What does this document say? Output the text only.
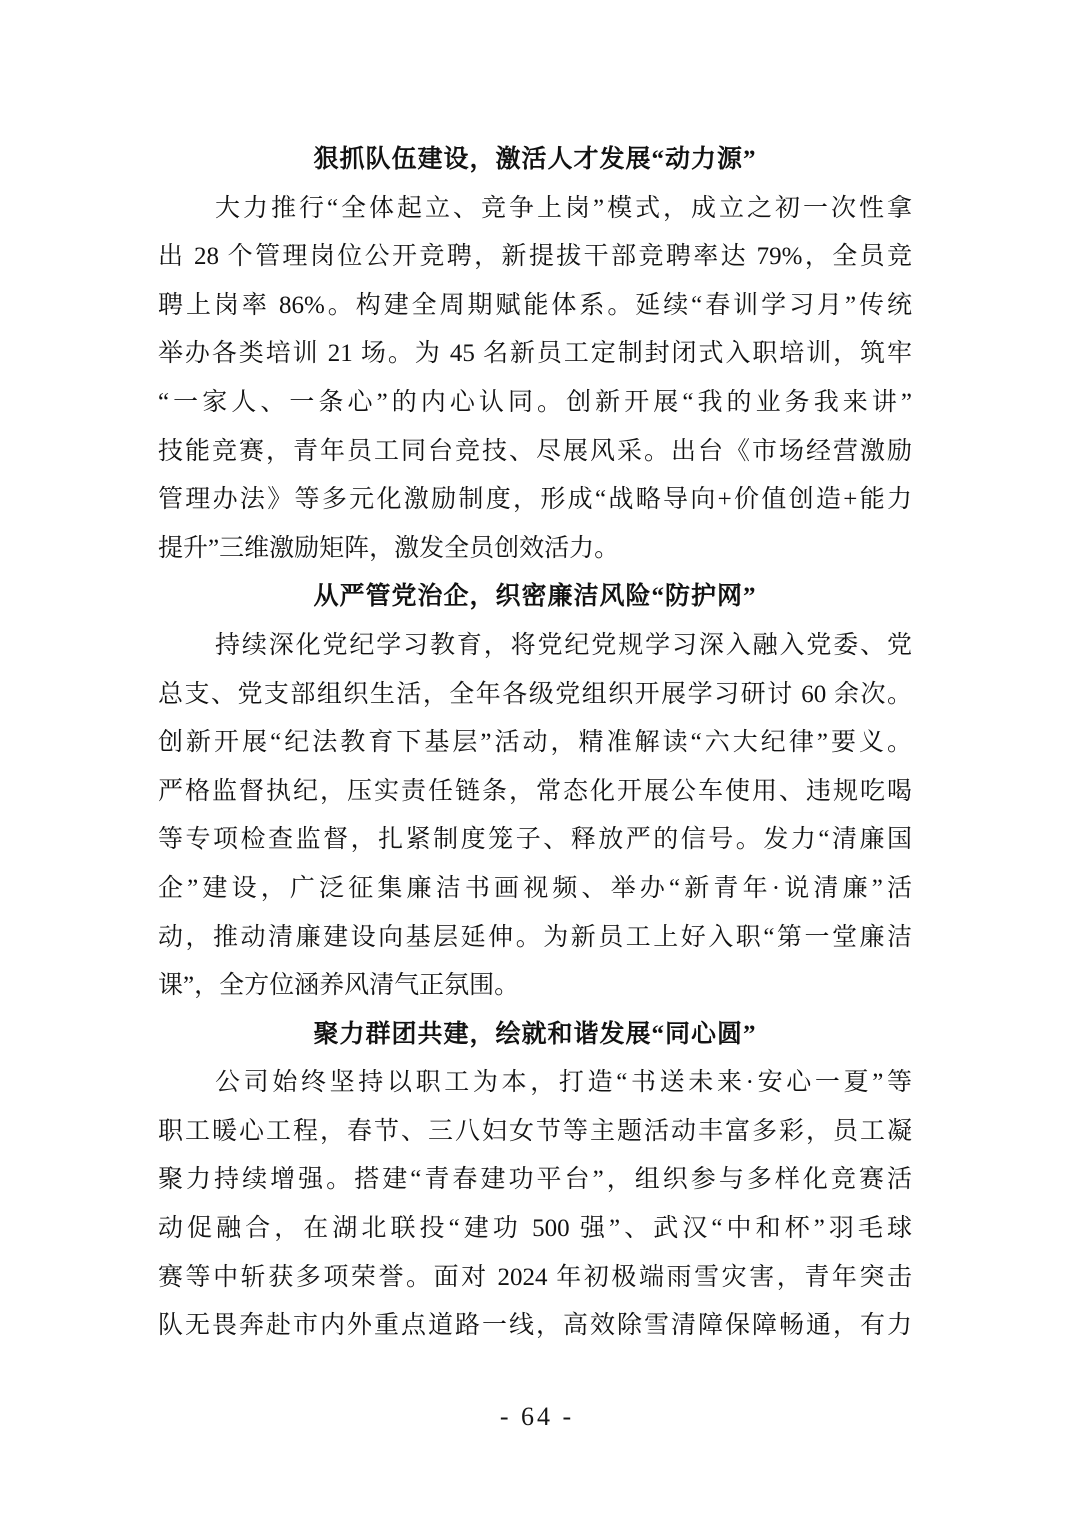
狠抓队伍建设，激活人才发展“动力源”
大力推行“全体起立、竞争上岗”模式，成立之初一次性拿
出 28 个管理岗位公开竞聘，新提拔干部竞聘率达 79%，全员竞
聘上岗率 86%。构建全周期赋能体系。延续“春训学习月”传统
举办各类培训 21 场。为 45 名新员工定制封闭式入职培训，筑牢
“一家人、一条心”的内心认同。创新开展“我的业务我来讲”
技能竞赛，青年员工同台竞技、尽展风采。出台《市场经营激励
管理办法》等多元化激励制度，形成“战略导向+价值创造+能力
提升”三维激励矩阵，激发全员创效活力。
从严管党治企，织密廉洁风险“防护网”
持续深化党纪学习教育，将党纪党规学习深入融入党委、党
总支、党支部组织生活，全年各级党组织开展学习研讨 60 余次。
创新开展“纪法教育下基层”活动，精准解读“六大纪律”要义。
严格监督执纪，压实责任链条，常态化开展公车使用、违规吃喝
等专项检查监督，扎紧制度笼子、释放严的信号。发力“清廉国
企”建设，广泛征集廉洁书画视频、举办“新青年·说清廉”活
动，推动清廉建设向基层延伸。为新员工上好入职“第一堂廉洁
课”，全方位涵养风清气正氛围。
聚力群团共建，绘就和谐发展“同心圆”
公司始终坚持以职工为本，打造“书送未来·安心一夏”等
职工暖心工程，春节、三八妇女节等主题活动丰富多彩，员工凝
聚力持续增强。搭建“青春建功平台”，组织参与多样化竞赛活
动促融合，在湖北联投“建功 500 强”、武汉“中和杯”羽毛球
赛等中斩获多项荣誉。面对 2024 年初极端雨雪灾害，青年突击
队无畏奔赴市内外重点道路一线，高效除雪清障保障畅通，有力
- 64 -
